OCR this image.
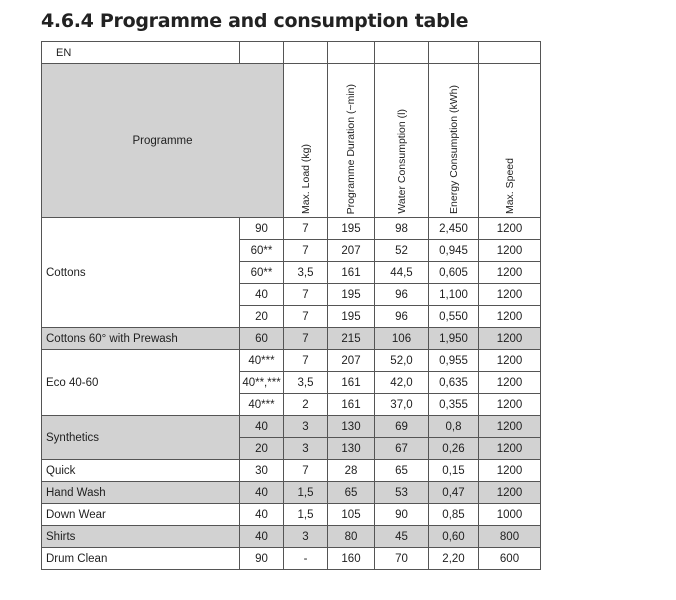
4.6.4 Programme and consumption table
EN						
Programme		Max. Load (kg)	Programme Duration (~min)	Water Consumption (l)	Energy Consumption (kWh)	Max. Speed

Cottons	90	7	195	98	2,450	1200
	60**	7	207	52	0,945	1200
	60**	3,5	161	44,5	0,605	1200
	40	7	195	96	1,100	1200
	20	7	195	96	0,550	1200
Cottons 60° with Prewash	60	7	215	106	1,950	1200
Eco 40-60	40***	7	207	52,0	0,955	1200
	40**,***	3,5	161	42,0	0,635	1200
	40***	2	161	37,0	0,355	1200
Synthetics	40	3	130	69	0,8	1200
	20	3	130	67	0,26	1200
Quick	30	7	28	65	0,15	1200
Hand Wash	40	1,5	65	53	0,47	1200
Down Wear	40	1,5	105	90	0,85	1000
Shirts	40	3	80	45	0,60	800
Drum Clean	90	-	160	70	2,20	600
